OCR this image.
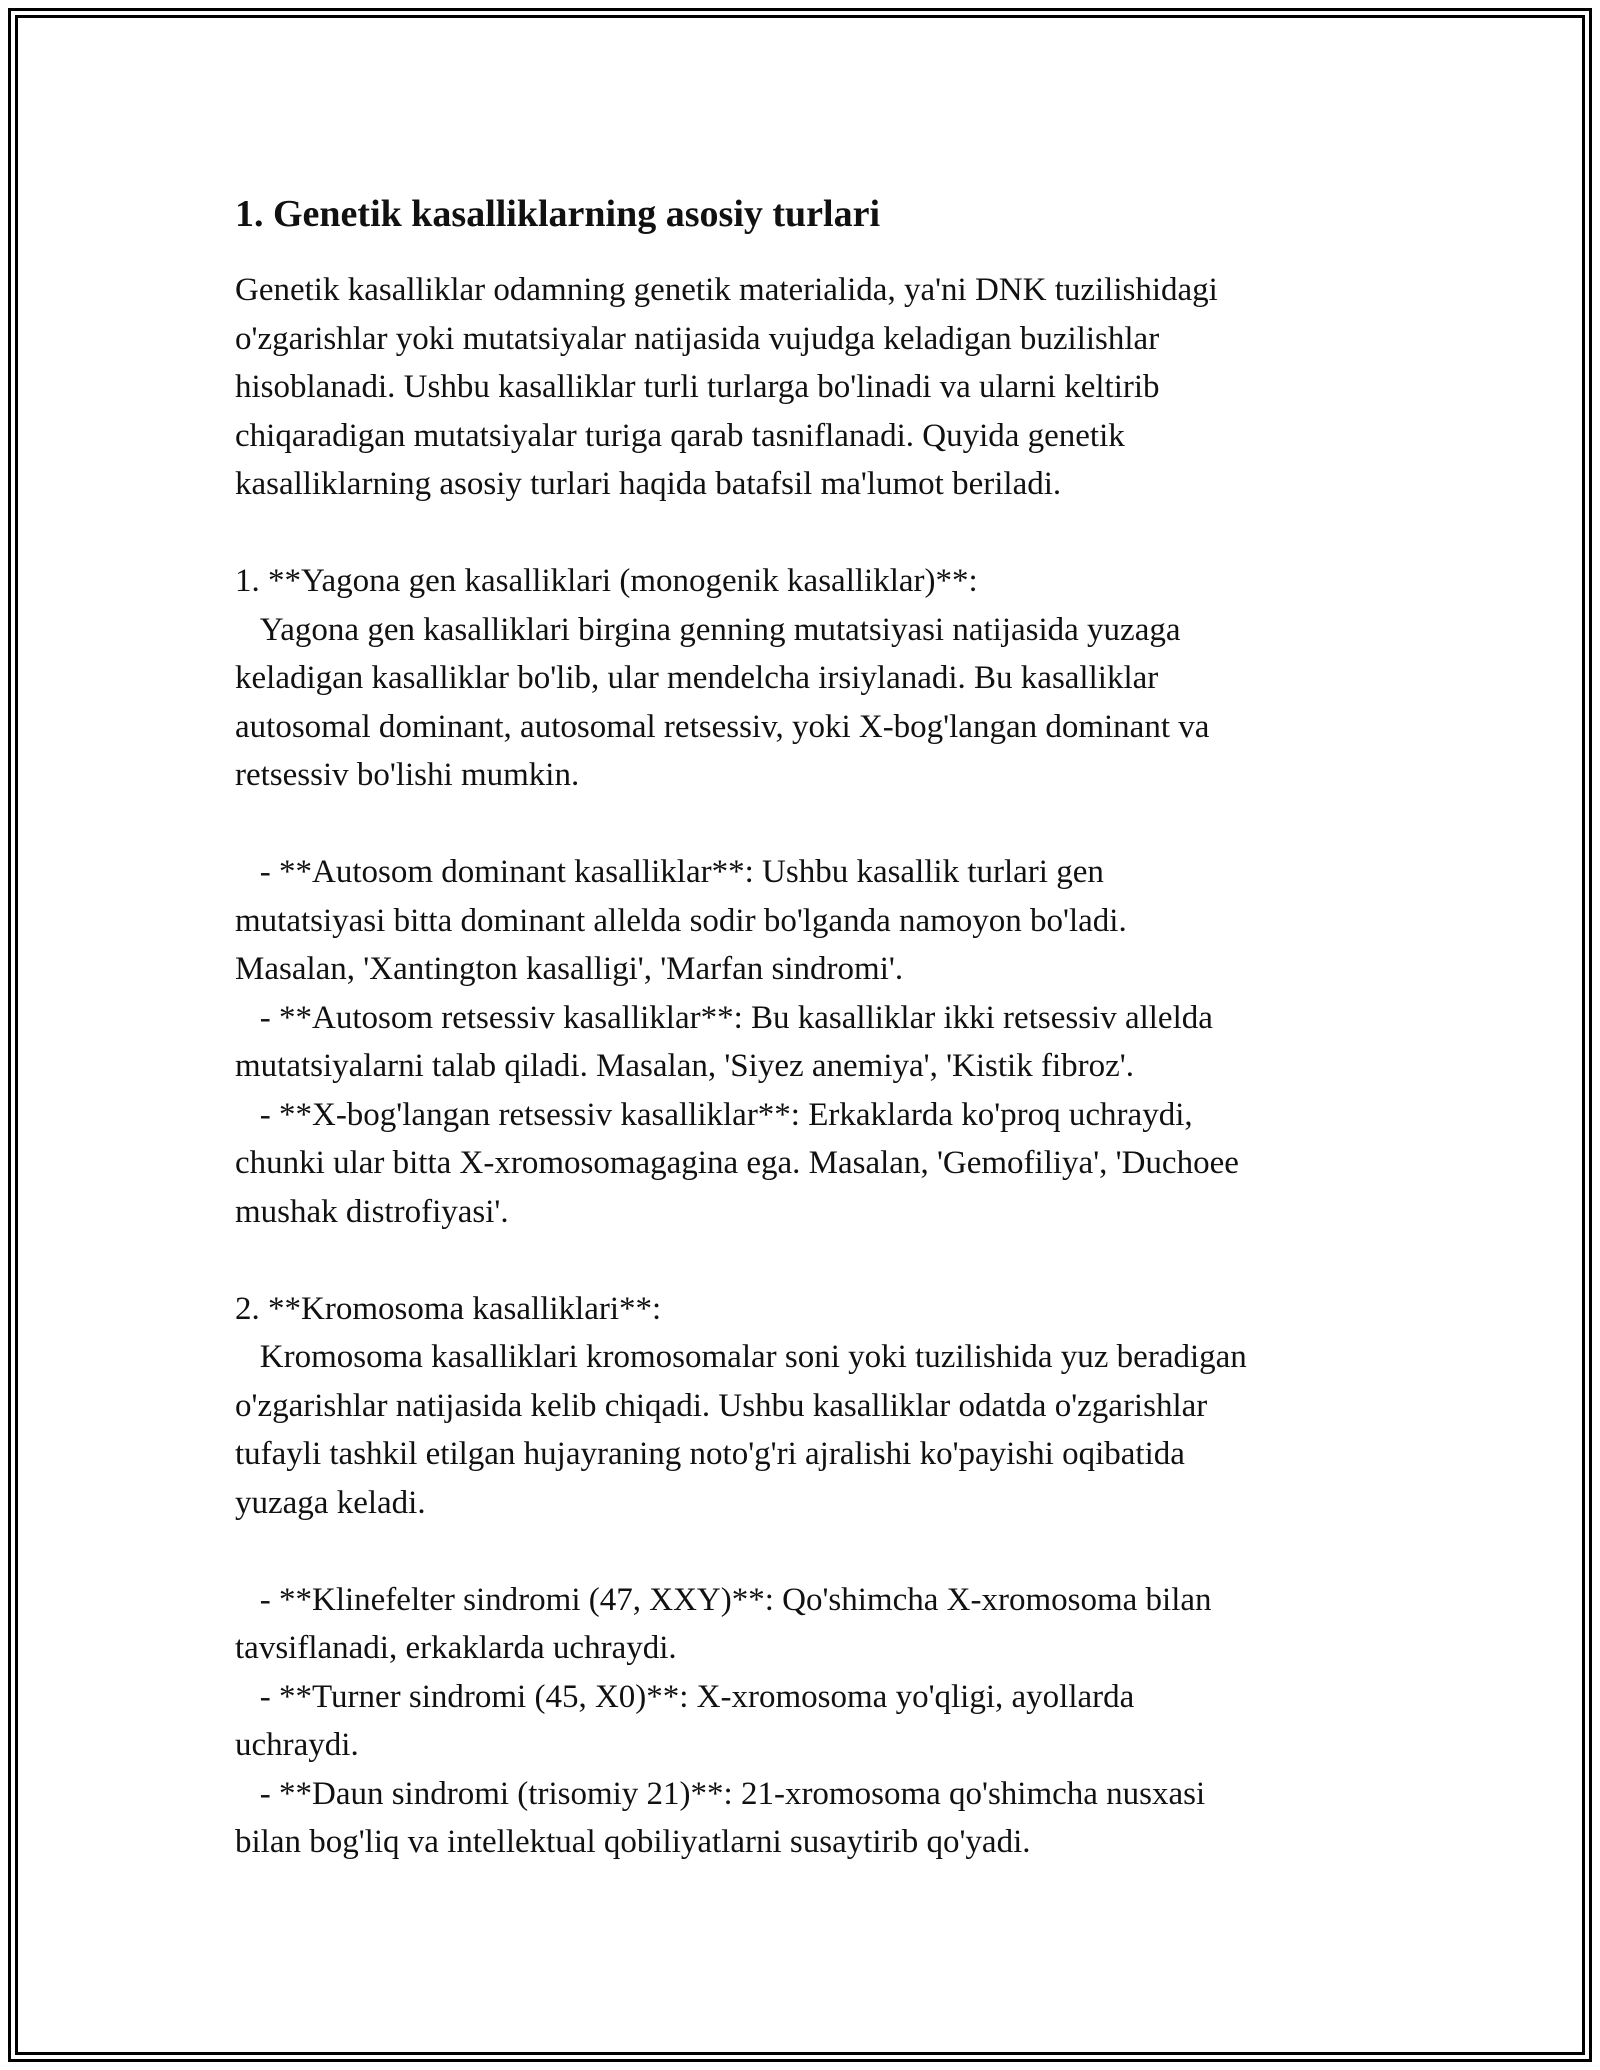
1. Genetik kasalliklarning asosiy turlari

Genetik kasalliklar odamning genetik materialida, ya'ni DNK tuzilishidagi
o'zgarishlar yoki mutatsiyalar natijasida vujudga keladigan buzilishlar
hisoblanadi. Ushbu kasalliklar turli turlarga bo'linadi va ularni keltirib
chiqaradigan mutatsiyalar turiga qarab tasniflanadi. Quyida genetik
kasalliklarning asosiy turlari haqida batafsil ma'lumot beriladi.

1. **Yagona gen kasalliklari (monogenik kasalliklar)**:

Yagona gen kasalliklari birgina genning mutatsiyasi natijasida yuzaga
keladigan kasalliklar bo'lib, ular mendelcha irsiylanadi. Bu kasalliklar
autosomal dominant, autosomal retsessiv, yoki X-bog'langan dominant va
retsessiv bo'lishi mumkin.

- **Autosom dominant kasalliklar**: Ushbu kasallik turlari gen
mutatsiyasi bitta dominant allelda sodir bo'lganda namoyon bo'ladi.
Masalan, 'Xantington kasalligi', 'Marfan sindromi'.

- **Autosom retsessiv kasalliklar**: Bu kasalliklar ikki retsessiv allelda
mutatsiyalarni talab qiladi. Masalan, 'Siyez anemiya', 'Kistik fibroz'.

- **X-bog'langan retsessiv kasalliklar**: Erkaklarda ko'proq uchraydi,
chunki ular bitta X-xromosomagagina ega. Masalan, 'Gemofiliya', 'Duchoee
mushak distrofiyasi'.

2. **Kromosoma kasalliklari**:

Kromosoma kasalliklari kromosomalar soni yoki tuzilishida yuz beradigan
o'zgarishlar natijasida kelib chiqadi. Ushbu kasalliklar odatda o'zgarishlar
tufayli tashkil etilgan hujayraning noto'g'ri ajralishi ko'payishi oqibatida
yuzaga keladi.

- **Klinefelter sindromi (47, XXY)**: Qo'shimcha X-xromosoma bilan
tavsiflanadi, erkaklarda uchraydi.

- **Turner sindromi (45, X0)**: X-xromosoma yo'qligi, ayollarda
uchraydi.

- **Daun sindromi (trisomiy 21)**: 21-xromosoma qo'shimcha nusxasi
bilan bog'liq va intellektual qobiliyatlarni susaytirib qo'yadi.
